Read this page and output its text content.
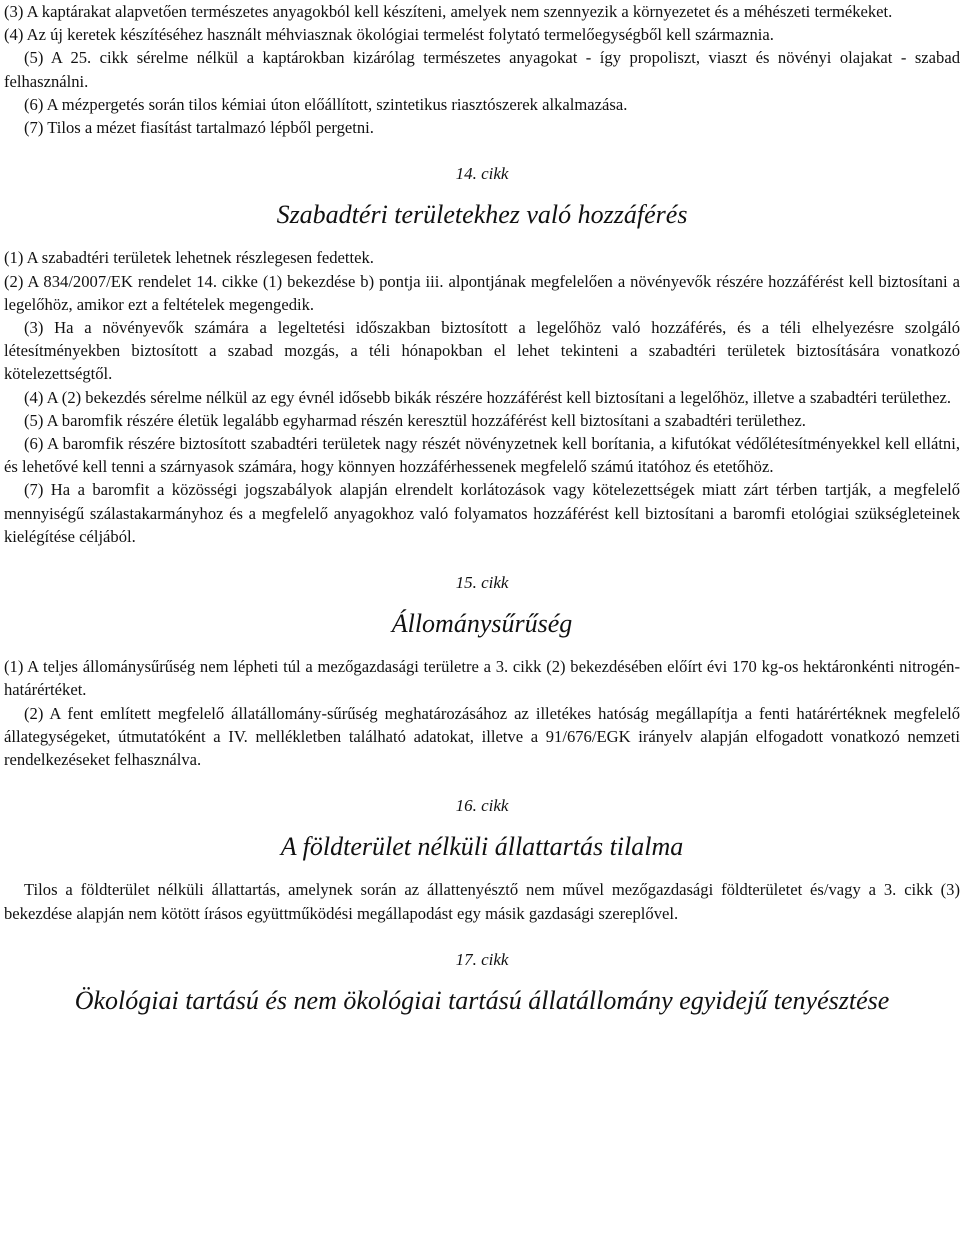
(3) A kaptárakat alapvetően természetes anyagokból kell készíteni, amelyek nem szennyezik a környezetet és a méhészeti termékeket.

(4) Az új keretek készítéséhez használt méhviasznak ökológiai termelést folytató termelőegységből kell származnia.

(5) A 25. cikk sérelme nélkül a kaptárokban kizárólag természetes anyagokat - így propoliszt, viaszt és növényi olajakat - szabad felhasználni.

(6) A mézpergetés során tilos kémiai úton előállított, szintetikus riasztószerek alkalmazása.

(7) Tilos a mézet fiasítást tartalmazó lépből pergetni.

14. cikk

Szabadtéri területekhez való hozzáférés

(1) A szabadtéri területek lehetnek részlegesen fedettek.

(2) A 834/2007/EK rendelet 14. cikke (1) bekezdése b) pontja iii. alpontjának megfelelően a növényevők részére hozzáférést kell biztosítani a legelőhöz, amikor ezt a feltételek megengedik.

(3) Ha a növényevők számára a legeltetési időszakban biztosított a legelőhöz való hozzáférés, és a téli elhelyezésre szolgáló létesítményekben biztosított a szabad mozgás, a téli hónapokban el lehet tekinteni a szabadtéri területek biztosítására vonatkozó kötelezettségtől.

(4) A (2) bekezdés sérelme nélkül az egy évnél idősebb bikák részére hozzáférést kell biztosítani a legelőhöz, illetve a szabadtéri területhez.

(5) A baromfik részére életük legalább egyharmad részén keresztül hozzáférést kell biztosítani a szabadtéri területhez.

(6) A baromfik részére biztosított szabadtéri területek nagy részét növényzetnek kell borítania, a kifutókat védőlétesítményekkel kell ellátni, és lehetővé kell tenni a szárnyasok számára, hogy könnyen hozzáférhessenek megfelelő számú itatóhoz és etetőhöz.

(7) Ha a baromfit a közösségi jogszabályok alapján elrendelt korlátozások vagy kötelezettségek miatt zárt térben tartják, a megfelelő mennyiségű szálastakarmányhoz és a megfelelő anyagokhoz való folyamatos hozzáférést kell biztosítani a baromfi etológiai szükségleteinek kielégítése céljából.

15. cikk

Állománysűrűség

(1) A teljes állománysűrűség nem lépheti túl a mezőgazdasági területre a 3. cikk (2) bekezdésében előírt évi 170 kg-os hektáronkénti nitrogén-határértéket.

(2) A fent említett megfelelő állatállomány-sűrűség meghatározásához az illetékes hatóság megállapítja a fenti határértéknek megfelelő állategységeket, útmutatóként a IV. mellékletben található adatokat, illetve a 91/676/EGK irányelv alapján elfogadott vonatkozó nemzeti rendelkezéseket felhasználva.

16. cikk

A földterület nélküli állattartás tilalma

Tilos a földterület nélküli állattartás, amelynek során az állattenyésztő nem művel mezőgazdasági földterületet és/vagy a 3. cikk (3) bekezdése alapján nem kötött írásos együttműködési megállapodást egy másik gazdasági szereplővel.

17. cikk

Ökológiai tartású és nem ökológiai tartású állatállomány egyidejű tenyésztése
